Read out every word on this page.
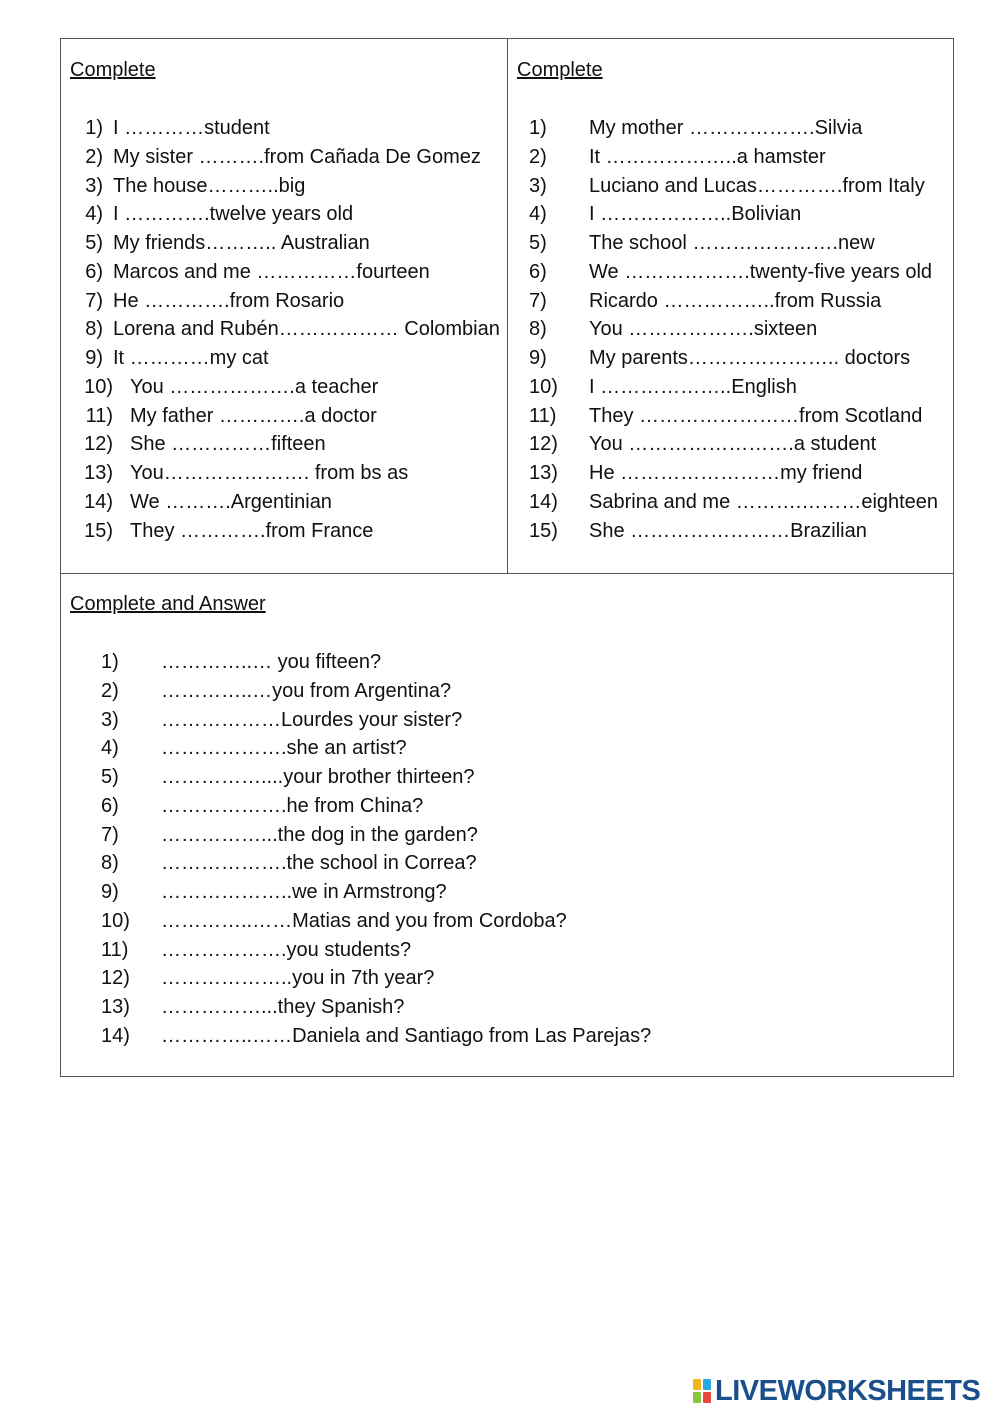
Complete
1) I …………student
2) My sister ……….from Cañada De Gomez
3) The house………..big
4) I ………….twelve years old
5) My friends……….. Australian
6) Marcos and me ……………fourteen
7) He ………….from Rosario
8) Lorena and Rubén……………… Colombian
9) It …………my cat
10) You ……………….a teacher
11) My father ………….a doctor
12) She ……………fifteen
13) You…………………. from bs as
14) We ……….Argentinian
15) They ………….from France
Complete
1) My mother ……………….Silvia
2) It ………………..a hamster
3) Luciano and Lucas………….from Italy
4) I ………………..Bolivian
5) The school ………………….new
6) We ……………….twenty-five years old
7) Ricardo ……………..from Russia
8) You ……………….sixteen
9) My parents………………….. doctors
10) I ………………..English
11) They ……………………from Scotland
12) You …………………….a student
13) He ……………………my friend
14) Sabrina and me ……….………eighteen
15) She ……………………Brazilian
Complete and Answer
1) …………..… you fifteen?
2) …………..…you from Argentina?
3) ………………Lourdes your sister?
4) ……………….she an artist?
5) ……………....your brother thirteen?
6) ……………….he from China?
7) ……………...the dog in the garden?
8) ……………….the school in Correa?
9) ………………..we in Armstrong?
10) …………..……Matias and you from Cordoba?
11) ……………….you students?
12) ………………..you in 7th year?
13) ……………...they Spanish?
14) …………..……Daniela and Santiago from Las Parejas?
LIVEWORKSHEETS
